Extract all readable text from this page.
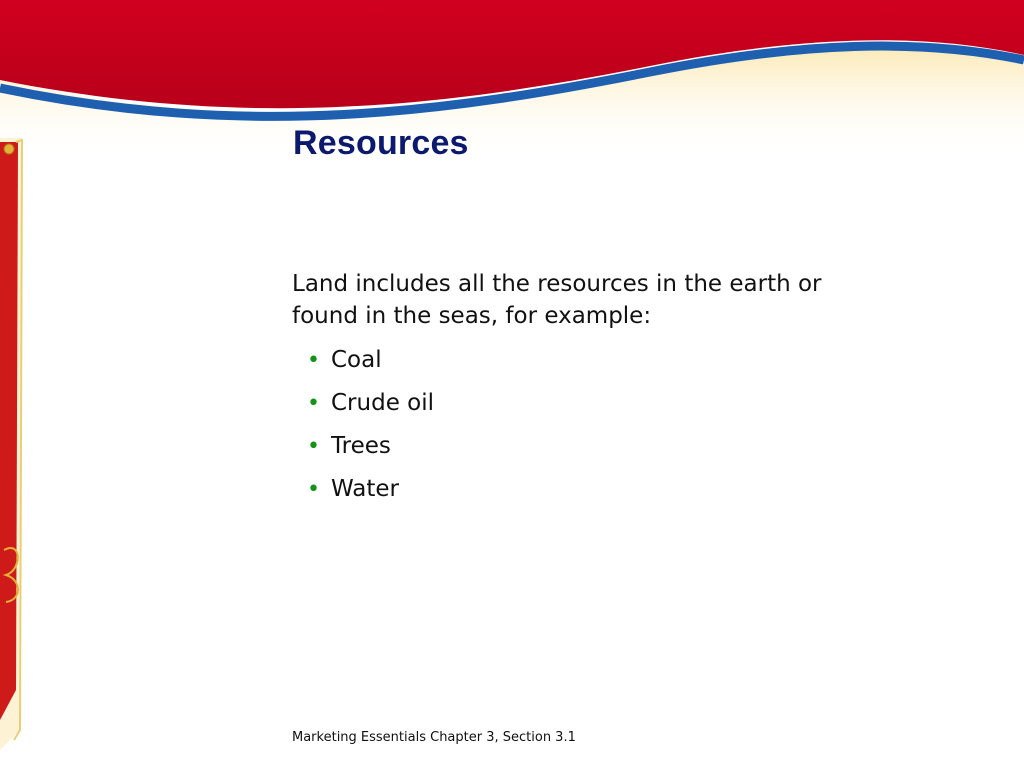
Resources

Land includes all the resources in the earth or found in the seas, for example:

• Coal
• Crude oil
• Trees
• Water

Marketing Essentials Chapter 3, Section 3.1
